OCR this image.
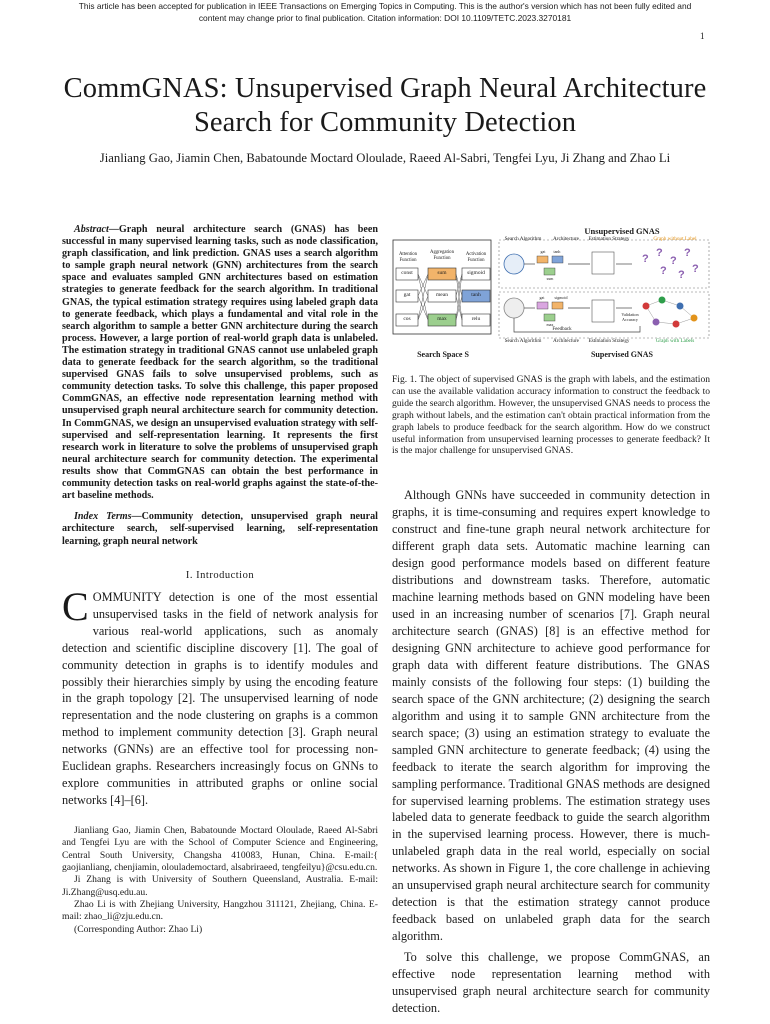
This article has been accepted for publication in IEEE Transactions on Emerging Topics in Computing. This is the author's version which has not been fully edited and content may change prior to final publication. Citation information: DOI 10.1109/TETC.2023.3270181
1
CommGNAS: Unsupervised Graph Neural Architecture Search for Community Detection
Jianliang Gao, Jiamin Chen, Babatounde Moctard Oloulade, Raeed Al-Sabri, Tengfei Lyu, Ji Zhang and Zhao Li

Abstract—Graph neural architecture search (GNAS) has been successful in many supervised learning tasks, such as node classification, graph classification, and link prediction. GNAS uses a search algorithm to sample graph neural network (GNN) architectures from the search space and evaluates sampled GNN architectures based on estimation strategies to generate feedback for the search algorithm. In traditional GNAS, the typical estimation strategy requires using labeled graph data to generate feedback, which plays a fundamental and vital role in the search algorithm to sample a better GNN architecture during the search process. However, a large portion of real-world graph data is unlabeled. The estimation strategy in traditional GNAS cannot use unlabeled graph data to generate feedback for the search algorithm, so the traditional supervised GNAS fails to solve unsupervised problems, such as community detection tasks. To solve this challenge, this paper proposed CommGNAS, an effective node representation learning method with unsupervised graph neural architecture search for community detection. In CommGNAS, we design an unsupervised evaluation strategy with self-supervised and self-representation learning. It represents the first research work in literature to solve the problems of unsupervised graph neural architecture search for community detection. The experimental results show that CommGNAS can obtain the best performance in community detection tasks on real-world graphs against the state-of-the-art baseline methods.

Index Terms—Community detection, unsupervised graph neural architecture search, self-supervised learning, self-representation learning, graph neural network

I. Introduction

COMMUNITY detection is one of the most essential unsupervised tasks in the field of network analysis for various real-world applications, such as anomaly detection and scientific discipline discovery [1]. The goal of community detection in graphs is to identify modules and possibly their hierarchies simply by using the encoding feature in the graph topology [2]. The unsupervised learning of node representation and the node clustering on graphs is a common method to implement community detection [3]. Graph neural networks (GNNs) are an effective tool for processing non-Euclidean graphs. Researchers increasingly focus on GNNs to explore communities in attributed graphs or online social networks [4]–[6].

Jianliang Gao, Jiamin Chen, Babatounde Moctard Oloulade, Raeed Al-Sabri and Tengfei Lyu are with the School of Computer Science and Engineering, Central South University, Changsha 410083, Hunan, China. E-mail:{ gaojianliang, chenjiamin, oloulademoctard, alsabriraeed, tengfeilyu}@csu.edu.cn.

Ji Zhang is with University of Southern Queensland, Australia. E-mail: Ji.Zhang@usq.edu.au.

Zhao Li is with Zhejiang University, Hangzhou 311121, Zhejiang, China. E-mail: zhao_li@zju.edu.cn.

(Corresponding Author: Zhao Li)

? ?
?
?
? ? ?
Unsupervised GNAS
Search Algorithm	Architecture	Estimation Strategy	Graph without Label
Attention Function
Aggregation Function
Activation Function
const
gat
cos
sum
mean
max
sigmoid
tanh
relu
gat	tanh
sum
sigmoid
max
gat
Validation Accuracy
Feedback
Search Algorithm	Architecture	Estimation Strategy	Graph with Labels
Search Space S	Supervised GNAS

Fig. 1. The object of supervised GNAS is the graph with labels, and the estimation can use the available validation accuracy information to construct the feedback to guide the search algorithm. However, the unsupervised GNAS needs to process the graph without labels, and the estimation can't obtain practical information from the graph labels to produce feedback for the search algorithm. How do we construct useful information from unsupervised learning processes to generate feedback? It is the major challenge for unsupervised GNAS.

Although GNNs have succeeded in community detection in graphs, it is time-consuming and requires expert knowledge to construct and fine-tune graph neural network architecture for different graph data sets. Automatic machine learning can design good performance models based on different feature distributions and downstream tasks. Therefore, automatic machine learning methods based on GNN modeling have been used in an increasing number of scenarios [7]. Graph neural architecture search (GNAS) [8] is an effective method for designing GNN architecture to achieve good performance for graph data with different feature distributions. The GNAS mainly consists of the following four steps: (1) building the search space of the GNN architecture; (2) designing the search algorithm and using it to sample GNN architecture from the search space; (3) using an estimation strategy to evaluate the sampled GNN architecture to generate feedback; (4) using the feedback to iterate the search algorithm for improving the sampling performance. Traditional GNAS methods are designed for supervised learning problems. The estimation strategy uses labeled data to generate feedback to guide the search algorithm in the supervised learning process. However, there is much-unlabeled graph data in the real world, especially on social networks. As shown in Figure 1, the core challenge in achieving an unsupervised graph neural architecture search for community detection is that the estimation strategy cannot produce feedback based on unlabeled graph data for the search algorithm.

To solve this challenge, we propose CommGNAS, an effective node representation learning method with unsupervised graph neural architecture search for community detection.
